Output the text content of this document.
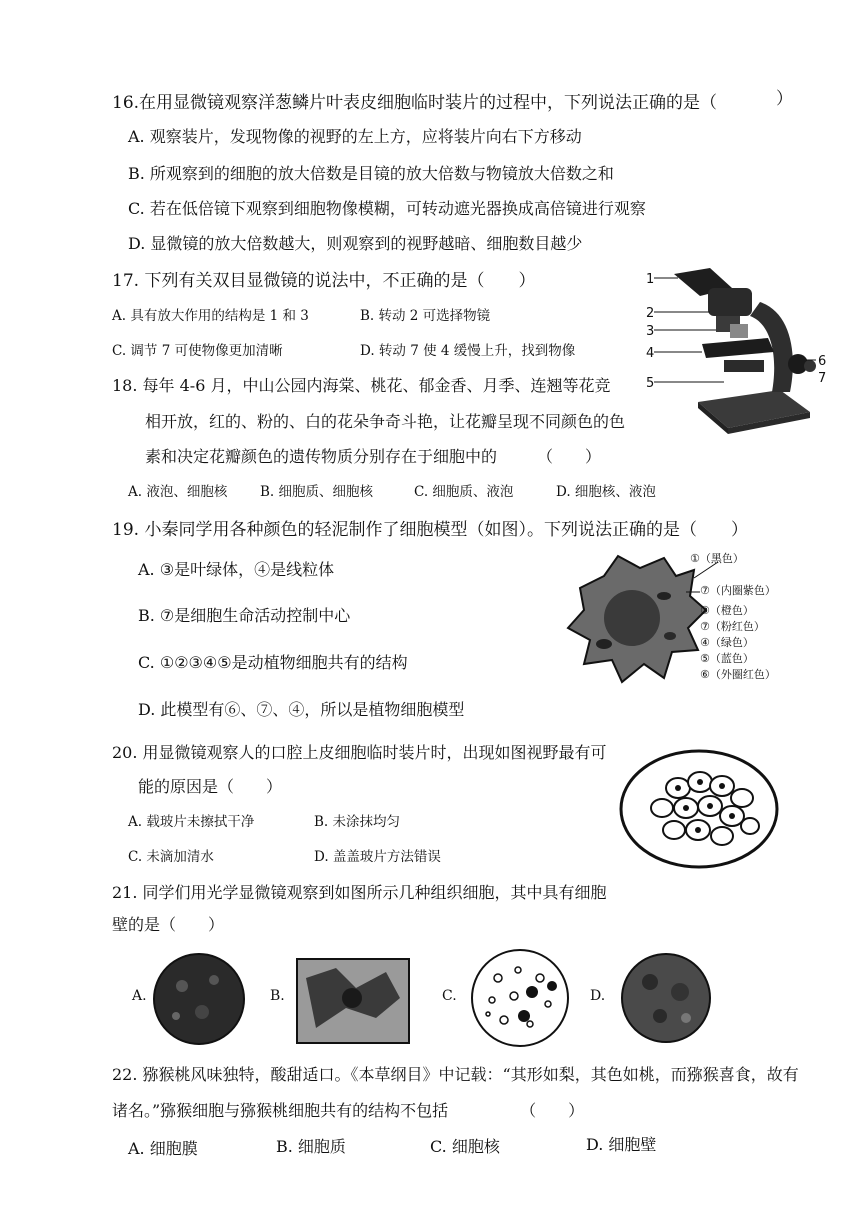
16.在用显微镜观察洋葱鳞片叶表皮细胞临时装片的过程中，下列说法正确的是（	）
A. 观察装片，发现物像的视野的左上方，应将装片向右下方移动
B. 所观察到的细胞的放大倍数是目镜的放大倍数与物镜放大倍数之和
C. 若在低倍镜下观察到细胞物像模糊，可转动遮光器换成高倍镜进行观察
D. 显微镜的放大倍数越大，则观察到的视野越暗、细胞数目越少
17. 下列有关双目显微镜的说法中，不正确的是（　　）
A. 具有放大作用的结构是 1 和 3	B. 转动 2 可选择物镜
C. 调节 7 可使物像更加清晰	D. 转动 7 使 4 缓慢上升，找到物像
1
2
3
4
5
6
7
18. 每年 4-6 月，中山公园内海棠、桃花、郁金香、月季、连翘等花竞
相开放，红的、粉的、白的花朵争奇斗艳，让花瓣呈现不同颜色的色
素和决定花瓣颜色的遗传物质分别存在于细胞中的　　　（　　）
A. 液泡、细胞核 B. 细胞质、细胞核	C. 细胞质、液泡	D. 细胞核、液泡
19. 小秦同学用各种颜色的轻泥制作了细胞模型（如图）。下列说法正确的是（　　）
A. ③是叶绿体，④是线粒体
B. ⑦是细胞生命活动控制中心
C. ①②③④⑤是动植物细胞共有的结构
D. 此模型有⑥、⑦、④，所以是植物细胞模型
①（黑色）
⑦（内圈紫色）
③（橙色）
⑦（粉红色）
④（绿色）
⑤（蓝色）
⑥（外圈红色）
20. 用显微镜观察人的口腔上皮细胞临时装片时，出现如图视野最有可
能的原因是（　　）
A. 载玻片未擦拭干净	B. 未涂抹均匀
C. 未滴加清水	D. 盖盖玻片方法错误
21. 同学们用光学显微镜观察到如图所示几种组织细胞，其中具有细胞
壁的是（　　）
A.	B.	C.	D.
22. 猕猴桃风味独特，酸甜适口。《本草纲目》中记载：“其形如梨，其色如桃，而猕猴喜食，故有
诸名。”猕猴细胞与猕猴桃细胞共有的结构不包括　　　　　（　　）
A. 细胞膜	B. 细胞质	C. 细胞核	D. 细胞壁
